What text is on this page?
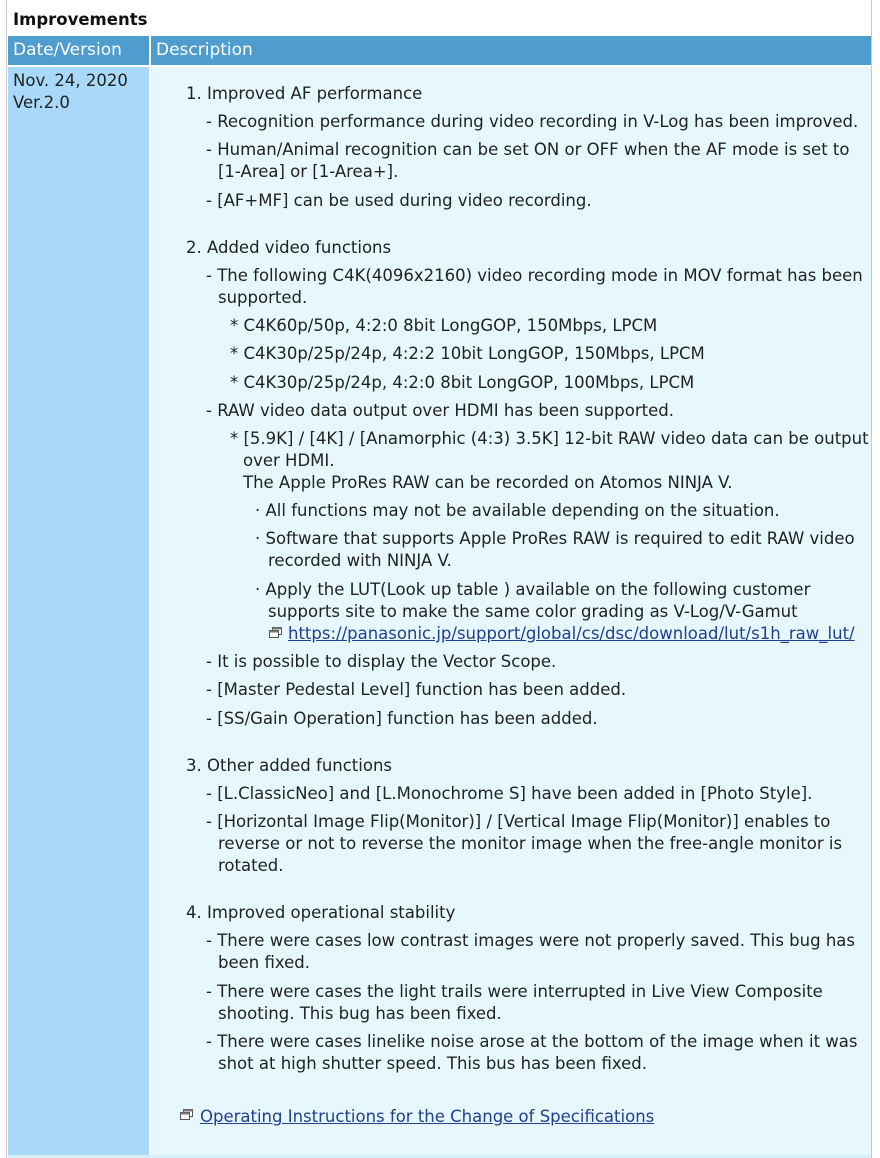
Improvements
Date/Version	Description
Nov. 24, 2020
Ver.2.0	1. Improved AF performance
- Recognition performance during video recording in V-Log has been improved.
- Human/Animal recognition can be set ON or OFF when the AF mode is set to
[1-Area] or [1-Area+].
- [AF+MF] can be used during video recording.
2. Added video functions
- The following C4K(4096x2160) video recording mode in MOV format has been
supported.
* C4K60p/50p, 4:2:0 8bit LongGOP, 150Mbps, LPCM
* C4K30p/25p/24p, 4:2:2 10bit LongGOP, 150Mbps, LPCM
* C4K30p/25p/24p, 4:2:0 8bit LongGOP, 100Mbps, LPCM
- RAW video data output over HDMI has been supported.
* [5.9K] / [4K] / [Anamorphic (4:3) 3.5K] 12-bit RAW video data can be output
over HDMI.
The Apple ProRes RAW can be recorded on Atomos NINJA V.
· All functions may not be available depending on the situation.
· Software that supports Apple ProRes RAW is required to edit RAW video
recorded with NINJA V.
· Apply the LUT(Look up table ) available on the following customer
supports site to make the same color grading as V-Log/V-Gamut
https://panasonic.jp/support/global/cs/dsc/download/lut/s1h_raw_lut/
- It is possible to display the Vector Scope.
- [Master Pedestal Level] function has been added.
- [SS/Gain Operation] function has been added.
3. Other added functions
- [L.ClassicNeo] and [L.Monochrome S] have been added in [Photo Style].
- [Horizontal Image Flip(Monitor)] / [Vertical Image Flip(Monitor)] enables to
reverse or not to reverse the monitor image when the free-angle monitor is
rotated.
4. Improved operational stability
- There were cases low contrast images were not properly saved. This bug has
been fixed.
- There were cases the light trails were interrupted in Live View Composite
shooting. This bug has been fixed.
- There were cases linelike noise arose at the bottom of the image when it was
shot at high shutter speed. This bus has been fixed.
Operating Instructions for the Change of Specifications
